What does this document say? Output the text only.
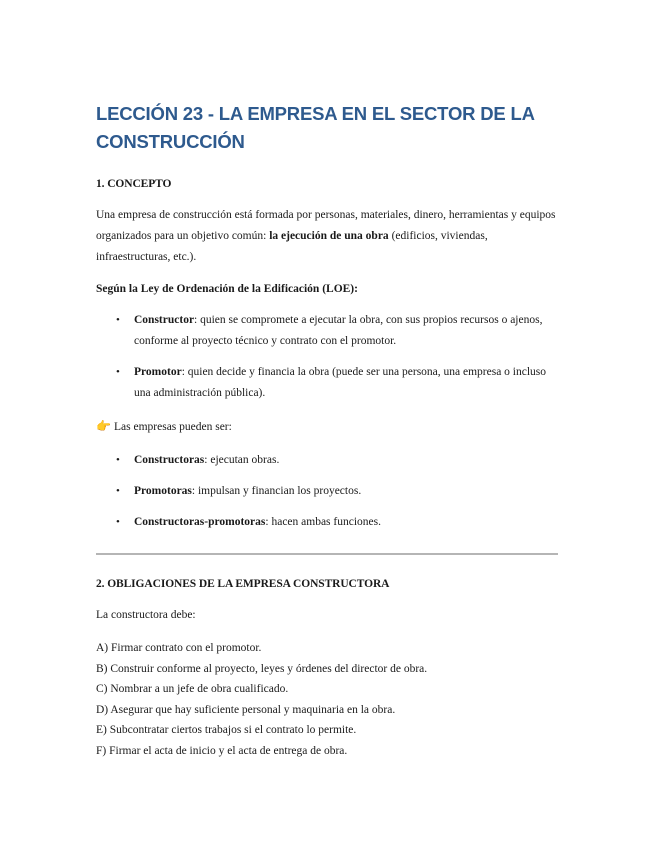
LECCIÓN 23 - LA EMPRESA EN EL SECTOR DE LA
CONSTRUCCIÓN
1. CONCEPTO

Una empresa de construcción está formada por personas, materiales, dinero, herramientas y equipos organizados para un objetivo común: la ejecución de una obra (edificios, viviendas, infraestructuras, etc.).

Según la Ley de Ordenación de la Edificación (LOE):

• Constructor: quien se compromete a ejecutar la obra, con sus propios recursos o ajenos, conforme al proyecto técnico y contrato con el promotor.
• Promotor: quien decide y financia la obra (puede ser una persona, una empresa o incluso una administración pública).

👉 Las empresas pueden ser:

• Constructoras: ejecutan obras.
• Promotoras: impulsan y financian los proyectos.
• Constructoras-promotoras: hacen ambas funciones.
2. OBLIGACIONES DE LA EMPRESA CONSTRUCTORA

La constructora debe:

A) Firmar contrato con el promotor.

B) Construir conforme al proyecto, leyes y órdenes del director de obra.

C) Nombrar a un jefe de obra cualificado.

D) Asegurar que hay suficiente personal y maquinaria en la obra.

E) Subcontratar ciertos trabajos si el contrato lo permite.

F) Firmar el acta de inicio y el acta de entrega de obra.
